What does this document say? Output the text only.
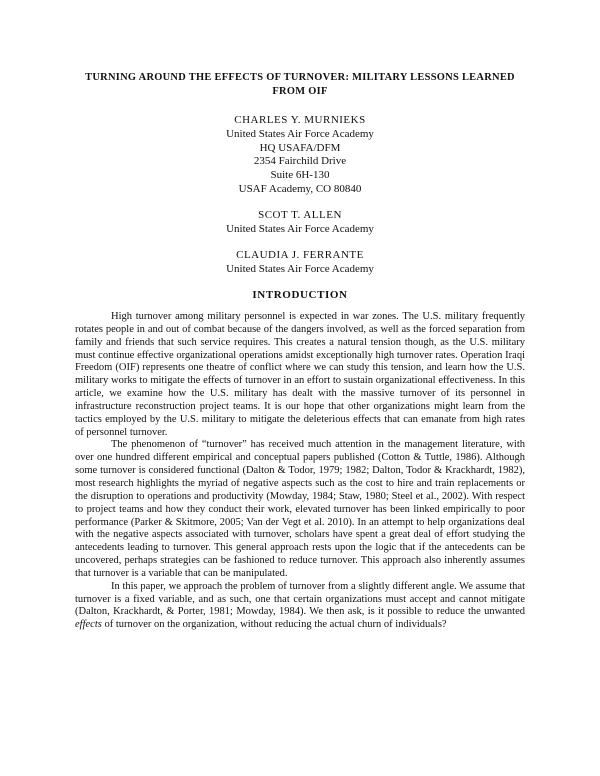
TURNING AROUND THE EFFECTS OF TURNOVER: MILITARY LESSONS LEARNED FROM OIF
CHARLES Y. MURNIEKS
United States Air Force Academy
HQ USAFA/DFM
2354 Fairchild Drive
Suite 6H-130
USAF Academy, CO 80840
SCOT T. ALLEN
United States Air Force Academy
CLAUDIA J. FERRANTE
United States Air Force Academy
INTRODUCTION

High turnover among military personnel is expected in war zones. The U.S. military frequently rotates people in and out of combat because of the dangers involved, as well as the forced separation from family and friends that such service requires. This creates a natural tension though, as the U.S. military must continue effective organizational operations amidst exceptionally high turnover rates. Operation Iraqi Freedom (OIF) represents one theatre of conflict where we can study this tension, and learn how the U.S. military works to mitigate the effects of turnover in an effort to sustain organizational effectiveness. In this article, we examine how the U.S. military has dealt with the massive turnover of its personnel in infrastructure reconstruction project teams. It is our hope that other organizations might learn from the tactics employed by the U.S. military to mitigate the deleterious effects that can emanate from high rates of personnel turnover.

The phenomenon of “turnover” has received much attention in the management literature, with over one hundred different empirical and conceptual papers published (Cotton & Tuttle, 1986). Although some turnover is considered functional (Dalton & Todor, 1979; 1982; Dalton, Todor & Krackhardt, 1982), most research highlights the myriad of negative aspects such as the cost to hire and train replacements or the disruption to operations and productivity (Mowday, 1984; Staw, 1980; Steel et al., 2002). With respect to project teams and how they conduct their work, elevated turnover has been linked empirically to poor performance (Parker & Skitmore, 2005; Van der Vegt et al. 2010). In an attempt to help organizations deal with the negative aspects associated with turnover, scholars have spent a great deal of effort studying the antecedents leading to turnover. This general approach rests upon the logic that if the antecedents can be uncovered, perhaps strategies can be fashioned to reduce turnover. This approach also inherently assumes that turnover is a variable that can be manipulated.

In this paper, we approach the problem of turnover from a slightly different angle. We assume that turnover is a fixed variable, and as such, one that certain organizations must accept and cannot mitigate (Dalton, Krackhardt, & Porter, 1981; Mowday, 1984). We then ask, is it possible to reduce the unwanted effects of turnover on the organization, without reducing the actual churn of individuals?
